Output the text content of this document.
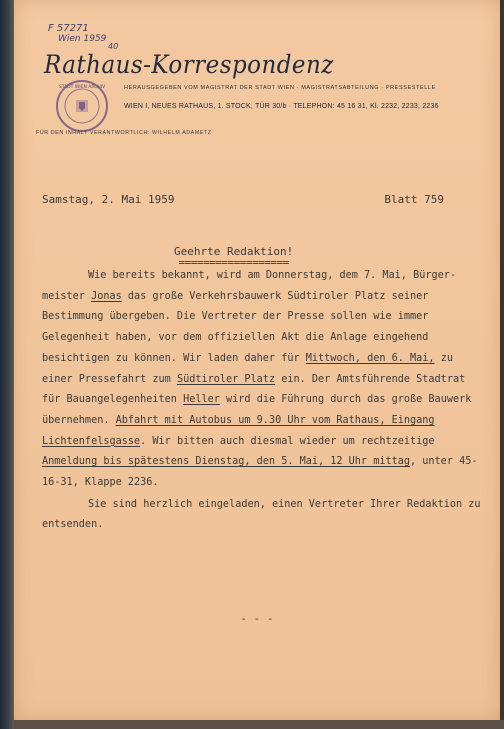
F 57271
Wien 1959
40
Rathaus-Korrespondenz
STADT WIEN ARCHIV	HERAUSGEGEBEN VOM MAGISTRAT DER STADT WIEN · MAGISTRATSABTEILUNG · PRESSESTELLE
WIEN I, NEUES RATHAUS, 1. STOCK, TÜR 30/b · TELEPHON: 45 16 31, Kl. 2232, 2233, 2236
FÜR DEN INHALT VERANTWORTLICH: WILHELM ADAMETZ
Samstag, 2. Mai 1959	Blatt 759
Geehrte Redaktion!
==================

Wie bereits bekannt, wird am Donnerstag, dem 7. Mai, Bürger- meister Jonas das große Verkehrsbauwerk Südtiroler Platz seiner Bestimmung übergeben. Die Vertreter der Presse sollen wie immer Gelegenheit haben, vor dem offiziellen Akt die Anlage eingehend besichtigen zu können. Wir laden daher für Mittwoch, den 6. Mai, zu einer Pressefahrt zum Südtiroler Platz ein. Der Amtsführende Stadtrat für Bauangelegenheiten Heller wird die Führung durch das große Bauwerk übernehmen. Abfahrt mit Autobus um 9.30 Uhr vom Rathaus, Eingang Lichtenfelsgasse. Wir bitten auch diesmal wieder um rechtzeitige Anmeldung bis spätestens Dienstag, den 5. Mai, 12 Uhr mittag, unter 45-16-31, Klappe 2236.

Sie sind herzlich eingeladen, einen Vertreter Ihrer Redaktion zu entsenden.

- - -
